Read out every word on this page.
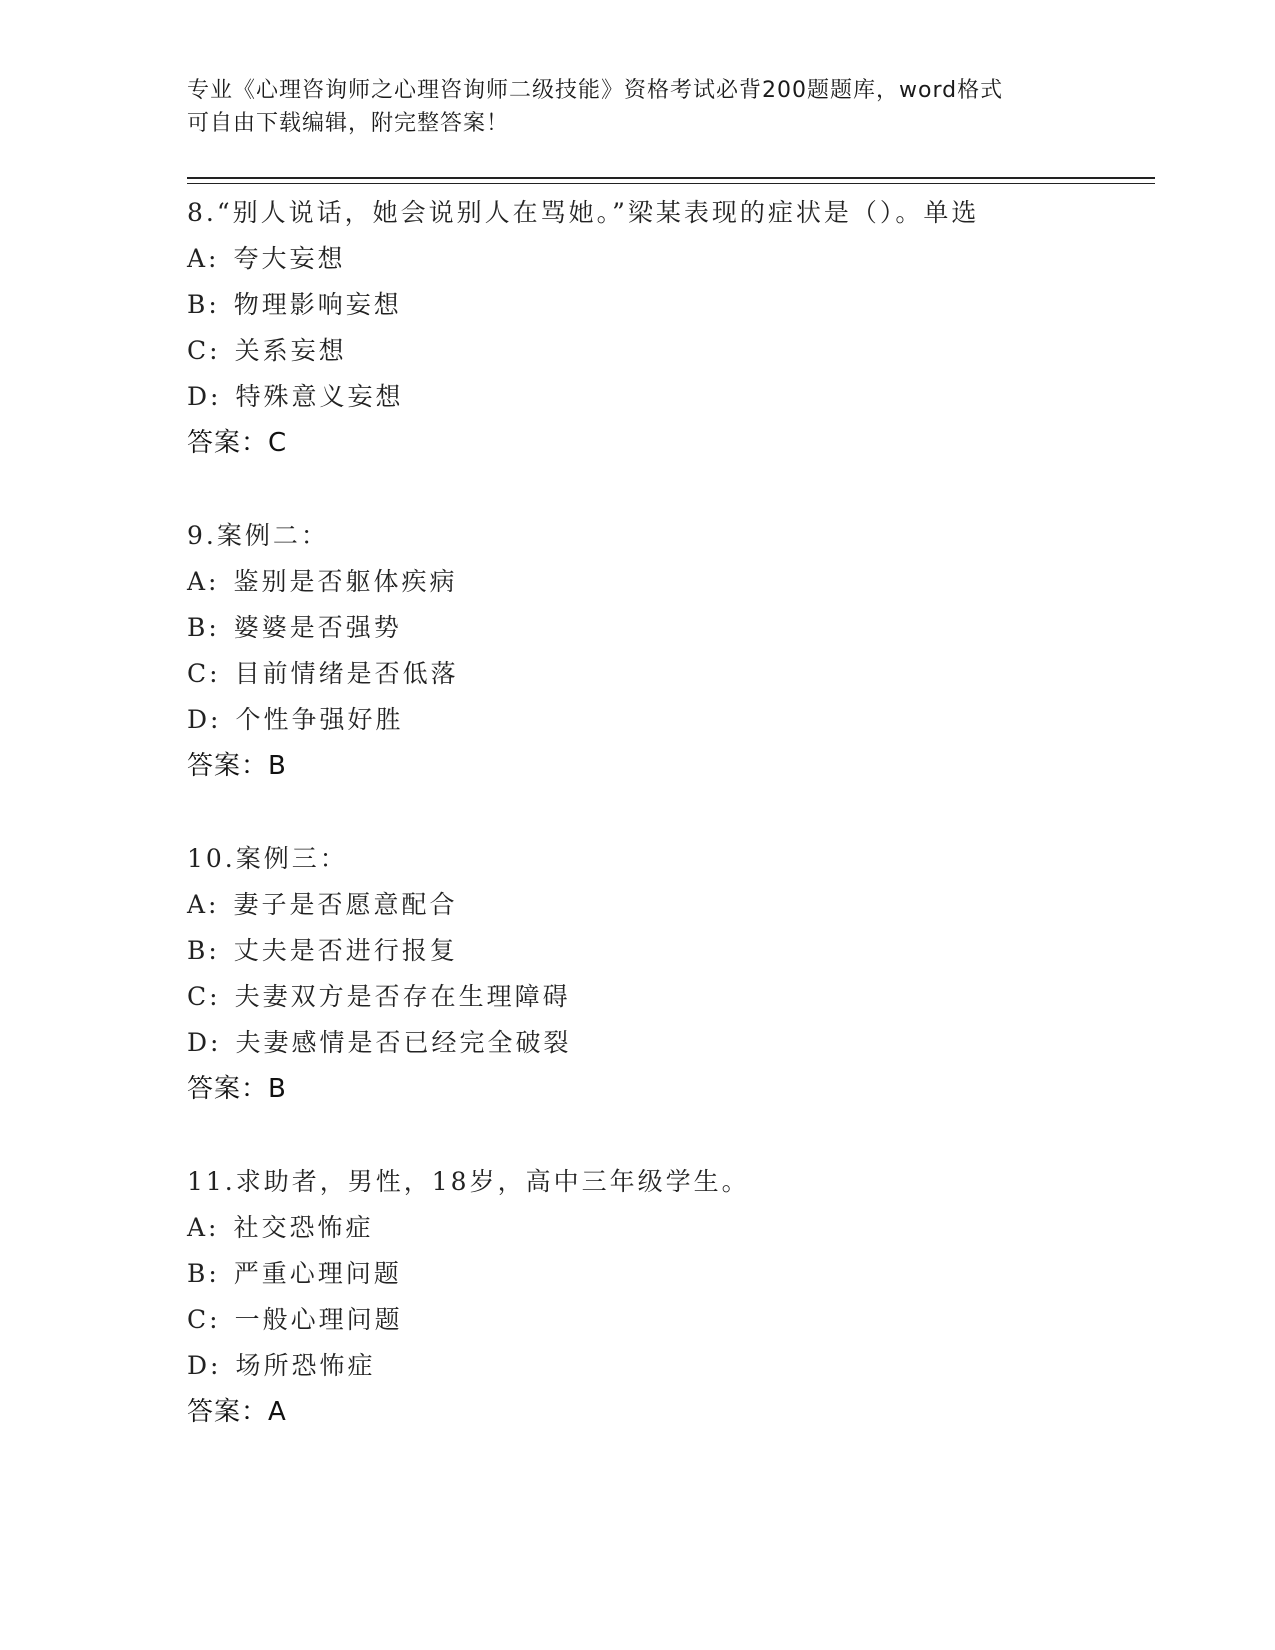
专业《心理咨询师之心理咨询师二级技能》资格考试必背200题题库，word格式
可自由下载编辑，附完整答案！
8.“别人说话，她会说别人在骂她。”梁某表现的症状是（）。单选
A: 夸大妄想
B: 物理影响妄想
C: 关系妄想
D: 特殊意义妄想
答案：C
9.案例二：
A: 鉴别是否躯体疾病
B: 婆婆是否强势
C: 目前情绪是否低落
D: 个性争强好胜
答案：B
10.案例三：
A: 妻子是否愿意配合
B: 丈夫是否进行报复
C: 夫妻双方是否存在生理障碍
D: 夫妻感情是否已经完全破裂
答案：B
11.求助者，男性，18岁，高中三年级学生。
A: 社交恐怖症
B: 严重心理问题
C: 一般心理问题
D: 场所恐怖症
答案：A
